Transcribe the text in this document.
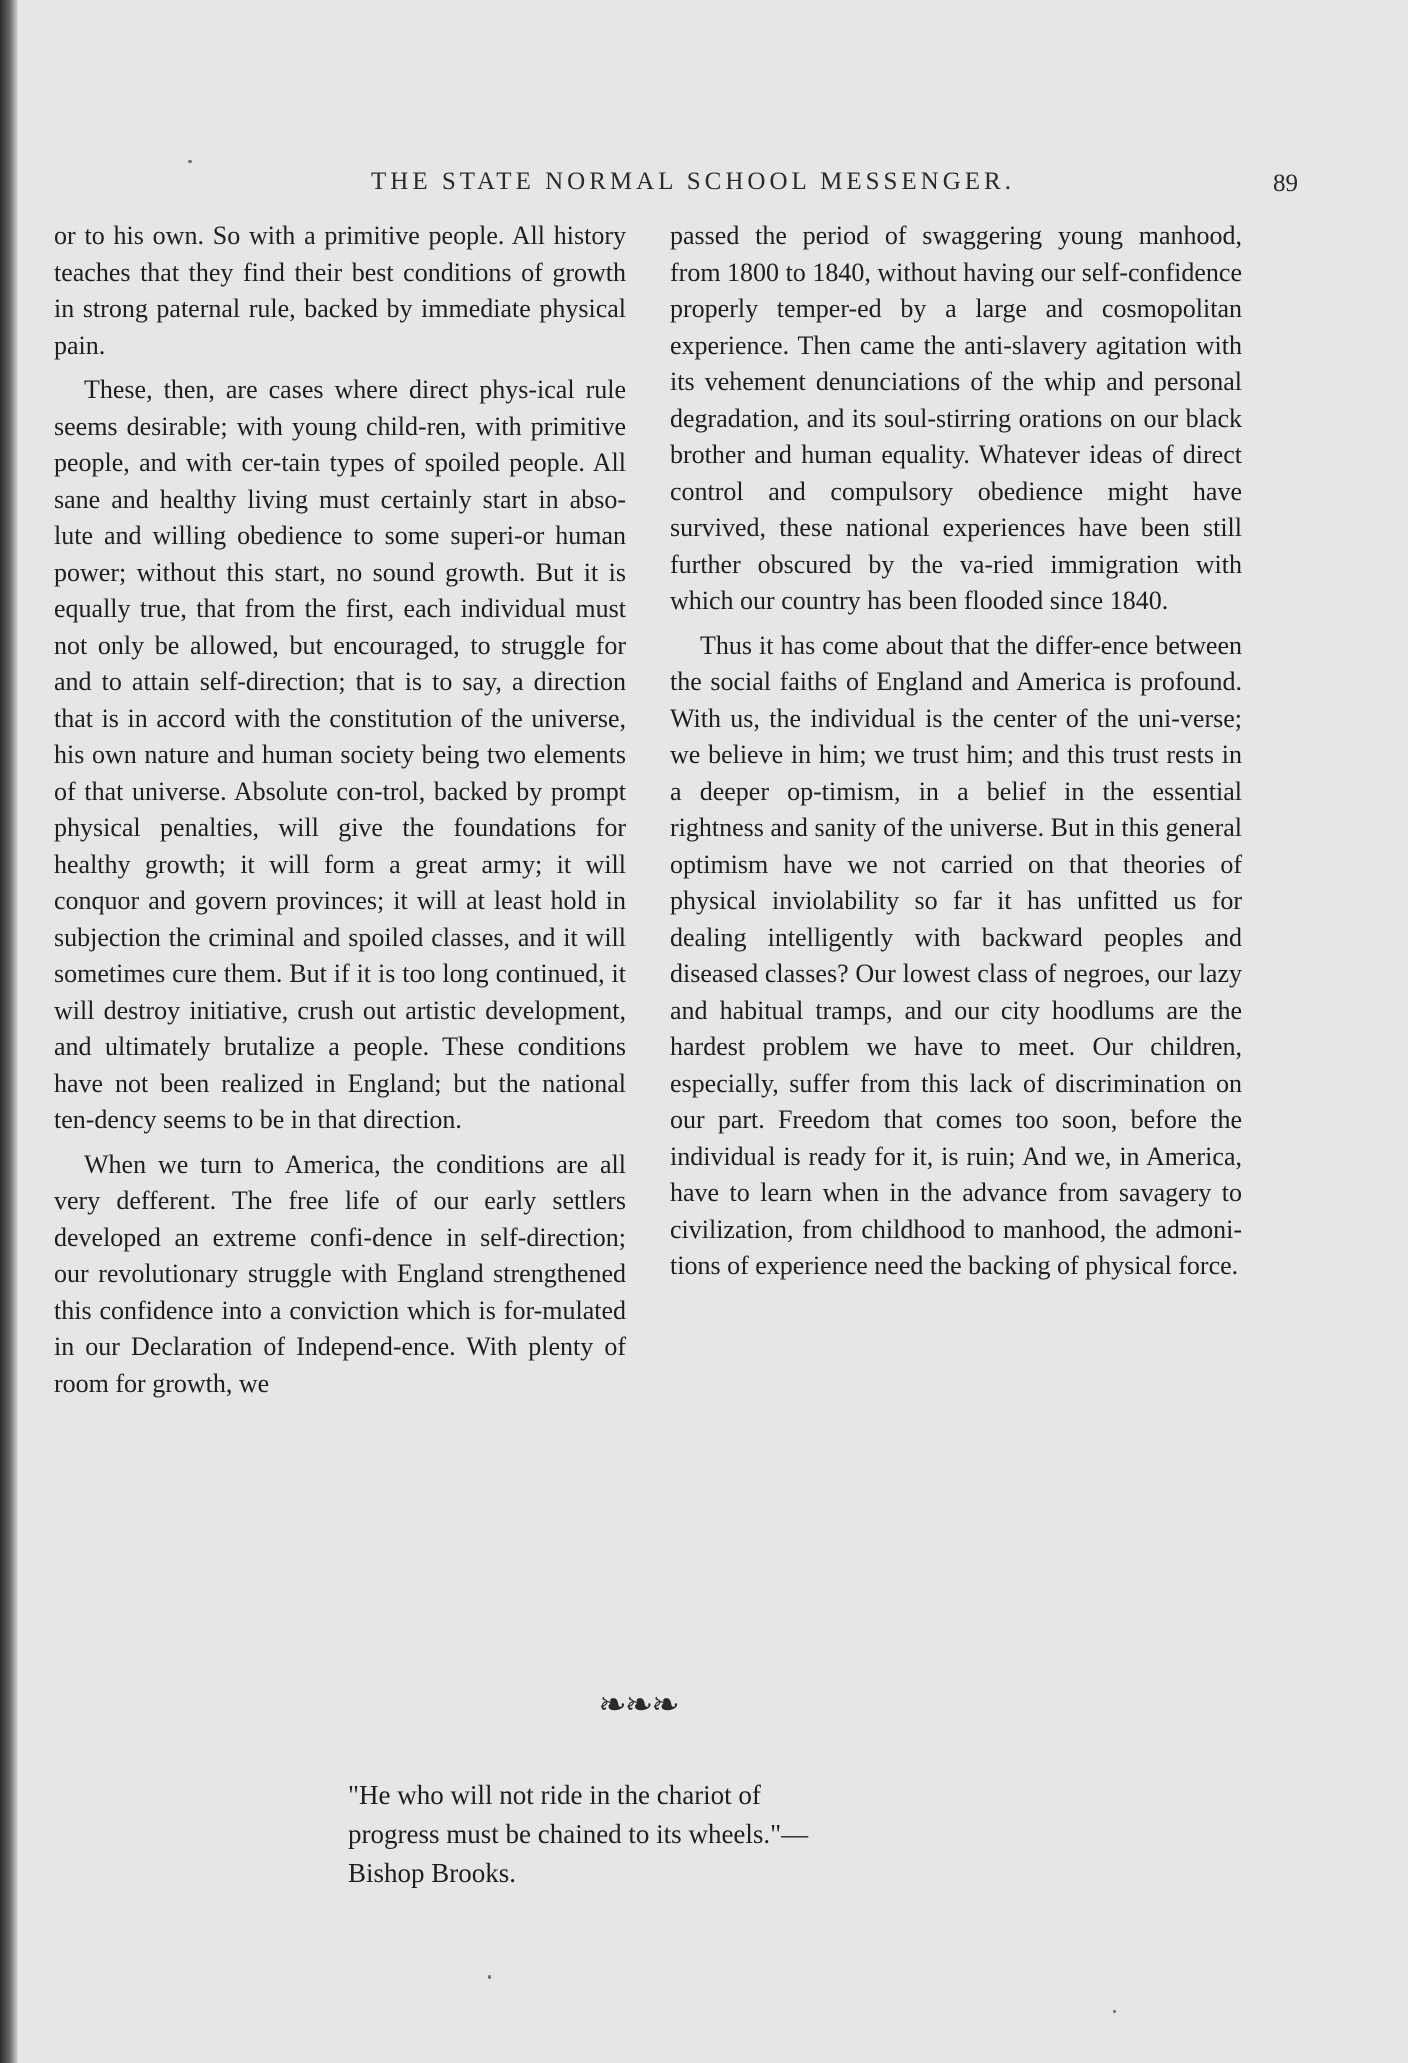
THE STATE NORMAL SCHOOL MESSENGER.	89

or to his own. So with a primitive people. All history teaches that they find their best conditions of growth in strong paternal rule, backed by immediate physical pain.

These, then, are cases where direct phys-ical rule seems desirable; with young child-ren, with primitive people, and with cer-tain types of spoiled people. All sane and healthy living must certainly start in abso-lute and willing obedience to some superi-or human power; without this start, no sound growth. But it is equally true, that from the first, each individual must not only be allowed, but encouraged, to struggle for and to attain self-direction; that is to say, a direction that is in accord with the constitution of the universe, his own nature and human society being two elements of that universe. Absolute con-trol, backed by prompt physical penalties, will give the foundations for healthy growth; it will form a great army; it will conquor and govern provinces; it will at least hold in subjection the criminal and spoiled classes, and it will sometimes cure them. But if it is too long continued, it will destroy initiative, crush out artistic development, and ultimately brutalize a people. These conditions have not been realized in England; but the national ten-dency seems to be in that direction.

When we turn to America, the conditions are all very defferent. The free life of our early settlers developed an extreme confi-dence in self-direction; our revolutionary struggle with England strengthened this confidence into a conviction which is for-mulated in our Declaration of Independ-ence. With plenty of room for growth, we

passed the period of swaggering young manhood, from 1800 to 1840, without having our self-confidence properly temper-ed by a large and cosmopolitan experience. Then came the anti-slavery agitation with its vehement denunciations of the whip and personal degradation, and its soul-stirring orations on our black brother and human equality. Whatever ideas of direct control and compulsory obedience might have survived, these national experiences have been still further obscured by the va-ried immigration with which our country has been flooded since 1840.

Thus it has come about that the differ-ence between the social faiths of England and America is profound. With us, the individual is the center of the uni-verse; we believe in him; we trust him; and this trust rests in a deeper op-timism, in a belief in the essential rightness and sanity of the universe. But in this general optimism have we not carried on that theories of physical inviolability so far it has unfitted us for dealing intelligently with backward peoples and diseased classes? Our lowest class of negroes, our lazy and habitual tramps, and our city hoodlums are the hardest problem we have to meet. Our children, especially, suffer from this lack of discrimination on our part. Freedom that comes too soon, before the individual is ready for it, is ruin; And we, in America, have to learn when in the advance from savagery to civilization, from childhood to manhood, the admoni-tions of experience need the backing of physical force.

❧❧❧
"He who will not ride in the chariot of
progress must be chained to its wheels."—
Bishop Brooks.
